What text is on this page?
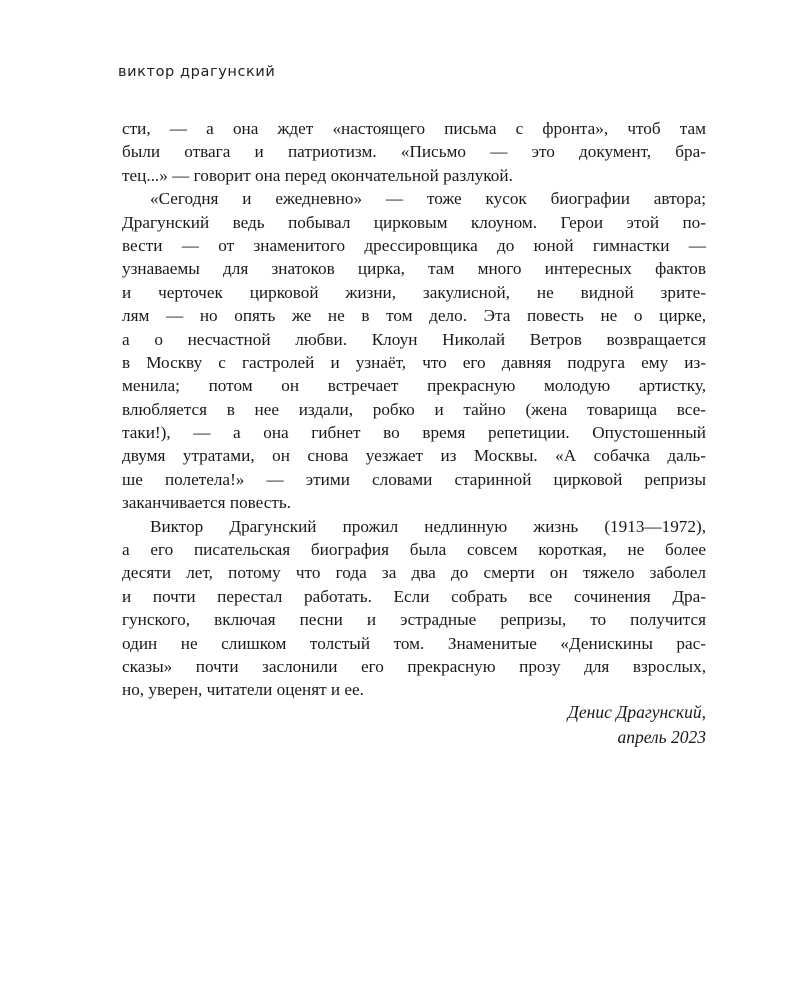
виктор драгунский
сти, — а она ждет «настоящего письма с фронта», чтоб там
были отвага и патриотизм. «Письмо — это документ, бра-
тец...» — говорит она перед окончательной разлукой.
«Сегодня и ежедневно» — тоже кусок биографии автора;
Драгунский ведь побывал цирковым клоуном. Герои этой по-
вести — от знаменитого дрессировщика до юной гимнастки —
узнаваемы для знатоков цирка, там много интересных фактов
и черточек цирковой жизни, закулисной, не видной зрите-
лям — но опять же не в том дело. Эта повесть не о цирке,
а о несчастной любви. Клоун Николай Ветров возвращается
в Москву с гастролей и узнаёт, что его давняя подруга ему из-
менила; потом он встречает прекрасную молодую артистку,
влюбляется в нее издали, робко и тайно (жена товарища все-
таки!), — а она гибнет во время репетиции. Опустошенный
двумя утратами, он снова уезжает из Москвы. «А собачка даль-
ше полетела!» — этими словами старинной цирковой репризы
заканчивается повесть.
Виктор Драгунский прожил недлинную жизнь (1913—1972),
а его писательская биография была совсем короткая, не более
десяти лет, потому что года за два до смерти он тяжело заболел
и почти перестал работать. Если собрать все сочинения Дра-
гунского, включая песни и эстрадные репризы, то получится
один не слишком толстый том. Знаменитые «Денискины рас-
сказы» почти заслонили его прекрасную прозу для взрослых,
но, уверен, читатели оценят и ее.
Денис Драгунский,
апрель 2023
